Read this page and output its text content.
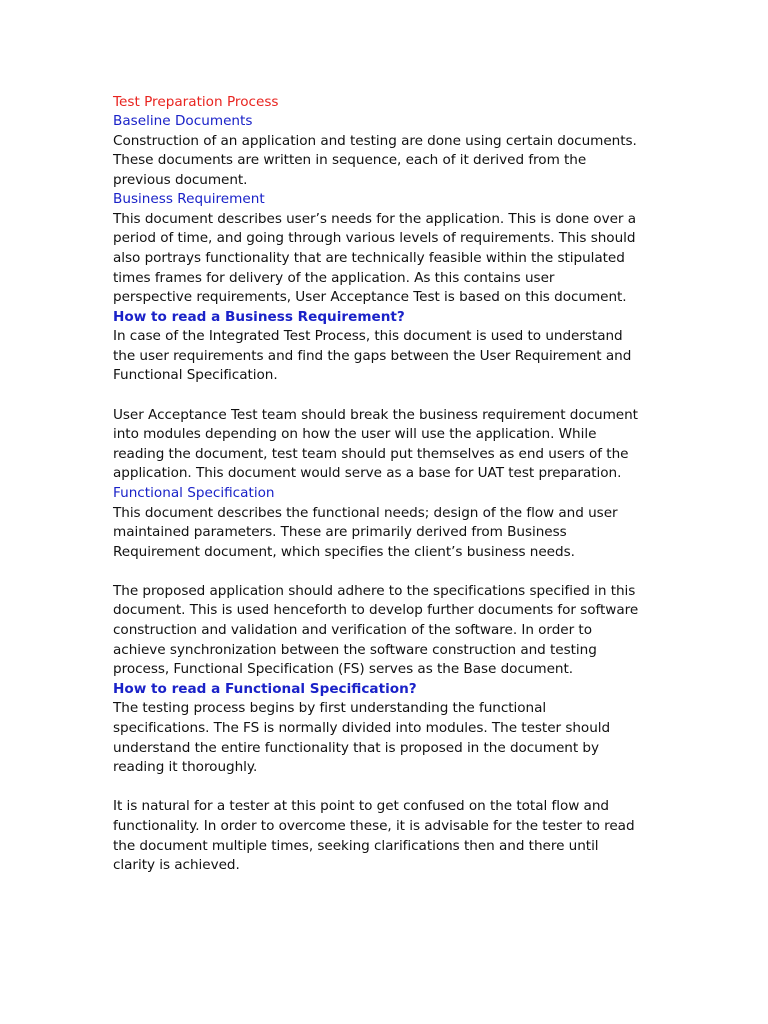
Test Preparation Process
Baseline Documents
Construction of an application and testing are done using certain documents.
These documents are written in sequence, each of it derived from the
previous document.
Business Requirement
This document describes user’s needs for the application. This is done over a
period of time, and going through various levels of requirements. This should
also portrays functionality that are technically feasible within the stipulated
times frames for delivery of the application. As this contains user
perspective requirements, User Acceptance Test is based on this document.
How to read a Business Requirement?
In case of the Integrated Test Process, this document is used to understand
the user requirements and find the gaps between the User Requirement and
Functional Specification.
User Acceptance Test team should break the business requirement document
into modules depending on how the user will use the application. While
reading the document, test team should put themselves as end users of the
application. This document would serve as a base for UAT test preparation.
Functional Specification
This document describes the functional needs; design of the flow and user
maintained parameters. These are primarily derived from Business
Requirement document, which specifies the client’s business needs.
The proposed application should adhere to the specifications specified in this
document. This is used henceforth to develop further documents for software
construction and validation and verification of the software. In order to
achieve synchronization between the software construction and testing
process, Functional Specification (FS) serves as the Base document.
How to read a Functional Specification?
The testing process begins by first understanding the functional
specifications. The FS is normally divided into modules. The tester should
understand the entire functionality that is proposed in the document by
reading it thoroughly.
It is natural for a tester at this point to get confused on the total flow and
functionality. In order to overcome these, it is advisable for the tester to read
the document multiple times, seeking clarifications then and there until
clarity is achieved.
